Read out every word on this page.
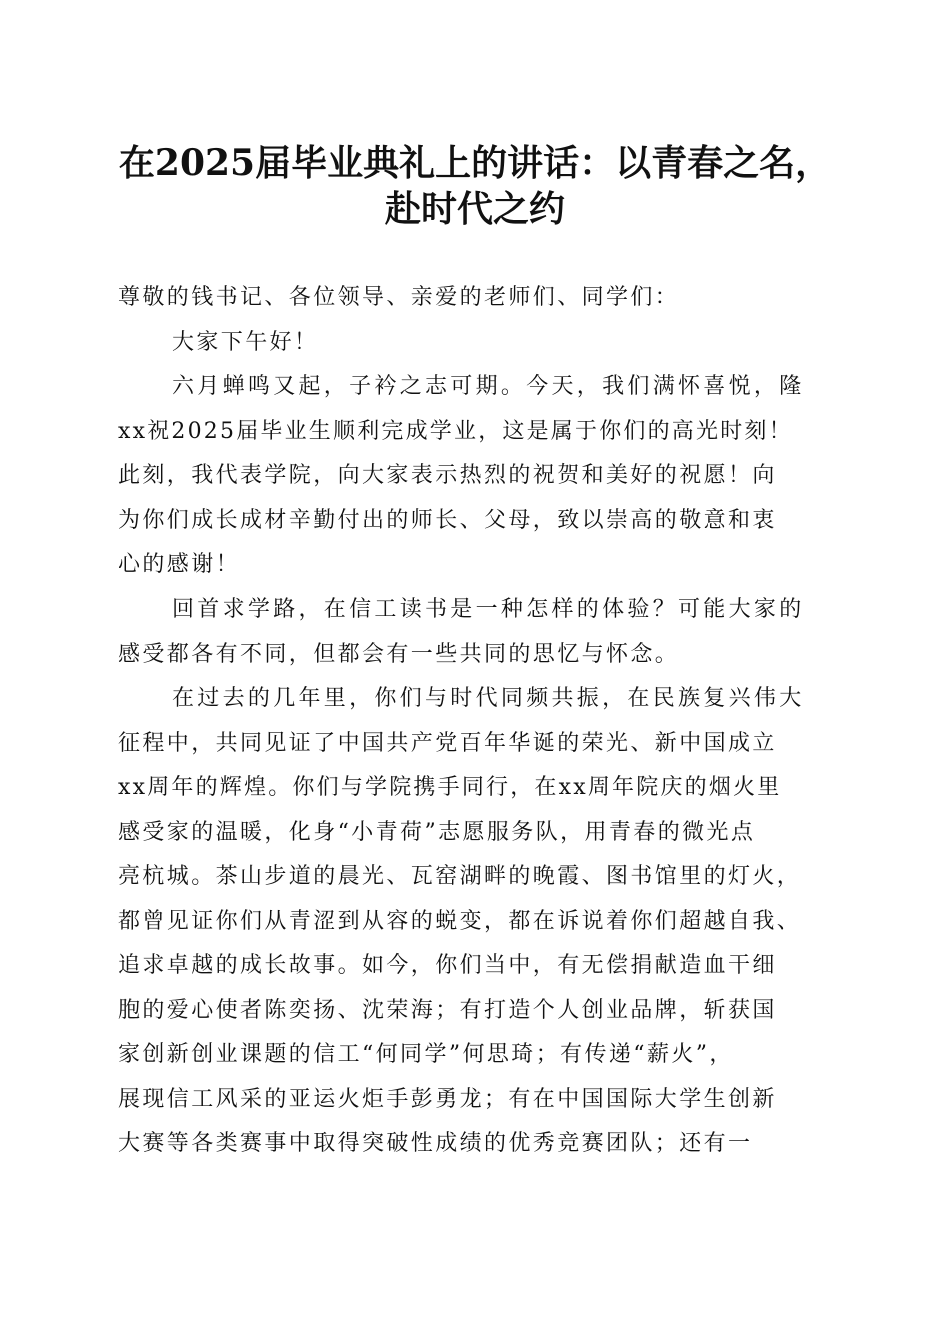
在2025届毕业典礼上的讲话：以青春之名，
赴时代之约
尊敬的钱书记、各位领导、亲爱的老师们、同学们：
大家下午好！
六月蝉鸣又起，子衿之志可期。今天，我们满怀喜悦，隆
xx祝2025届毕业生顺利完成学业，这是属于你们的高光时刻！
此刻，我代表学院，向大家表示热烈的祝贺和美好的祝愿！向
为你们成长成材辛勤付出的师长、父母，致以崇高的敬意和衷
心的感谢！
回首求学路，在信工读书是一种怎样的体验？可能大家的
感受都各有不同，但都会有一些共同的思忆与怀念。
在过去的几年里，你们与时代同频共振，在民族复兴伟大
征程中，共同见证了中国共产党百年华诞的荣光、新中国成立
xx周年的辉煌。你们与学院携手同行，在xx周年院庆的烟火里
感受家的温暖，化身“小青荷”志愿服务队，用青春的微光点
亮杭城。茶山步道的晨光、瓦窑湖畔的晚霞、图书馆里的灯火，
都曾见证你们从青涩到从容的蜕变，都在诉说着你们超越自我、
追求卓越的成长故事。如今，你们当中，有无偿捐献造血干细
胞的爱心使者陈奕扬、沈荣海；有打造个人创业品牌，斩获国
家创新创业课题的信工“何同学”何思琦；有传递“薪火”，
展现信工风采的亚运火炬手彭勇龙；有在中国国际大学生创新
大赛等各类赛事中取得突破性成绩的优秀竞赛团队；还有一
